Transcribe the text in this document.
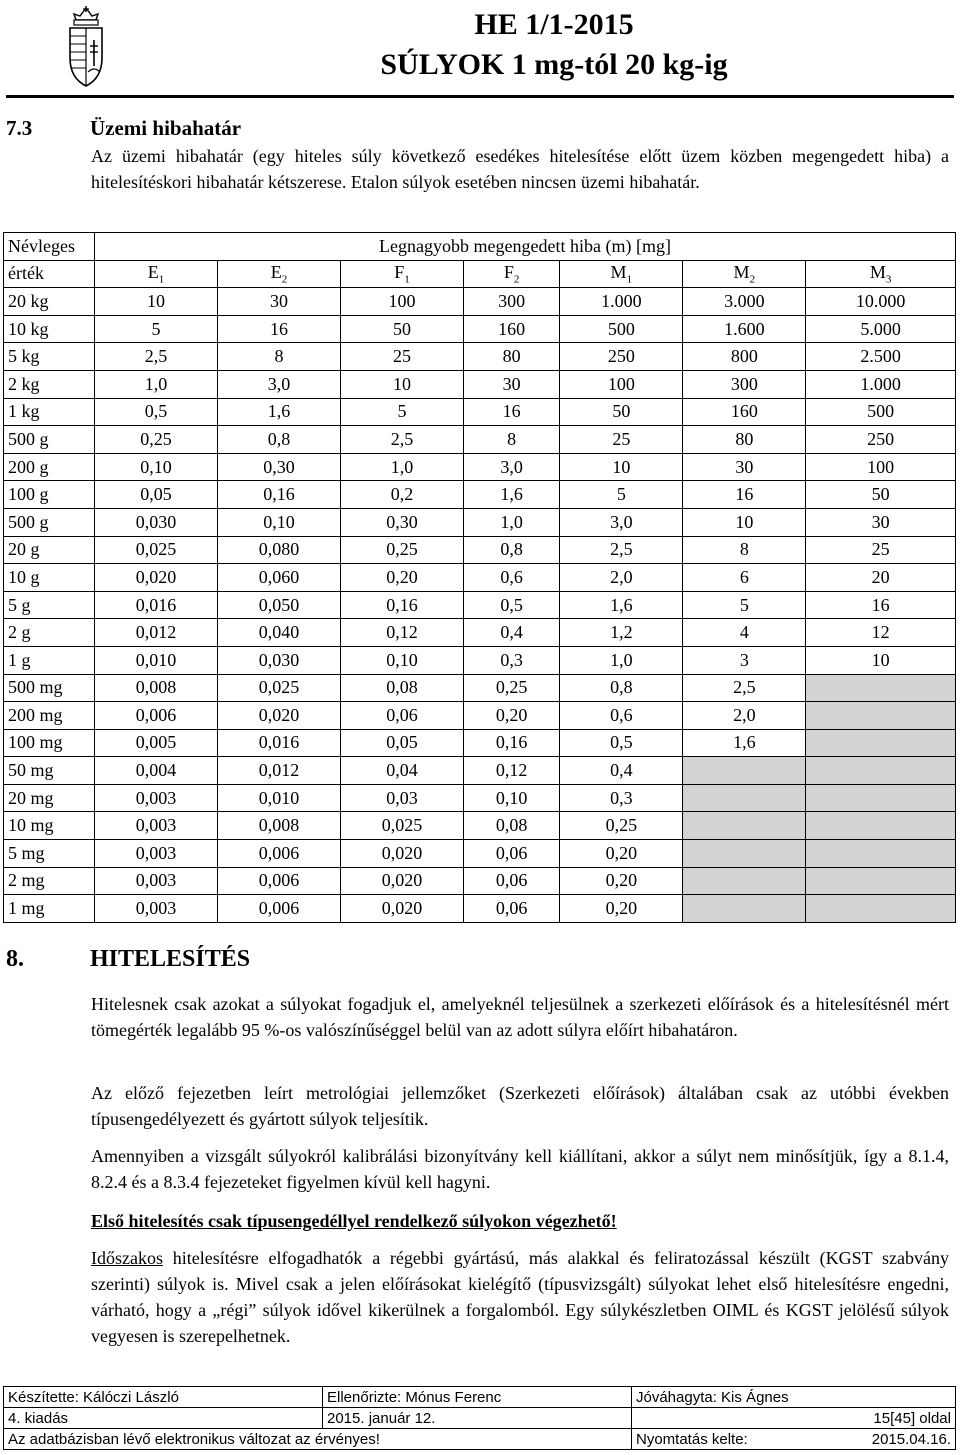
HE 1/1-2015
SÚLYOK 1 mg-tól 20 kg-ig
7.3	Üzemi hibahatár
Az üzemi hibahatár (egy hiteles súly következő esedékes hitelesítése előtt üzem közben megengedett hiba) a hitelesítéskori hibahatár kétszerese. Etalon súlyok esetében nincsen üzemi hibahatár.
Névleges	Legnagyobb megengedett hiba (m) [mg]						
érték	$E_1$	$E_2$	$F_1$	$F_2$	$M_1$	$M_2$	$M_3$
20 kg	10	30	100	300	1.000	3.000	10.000
10 kg	5	16	50	160	500	1.600	5.000
5 kg	2,5	8	25	80	250	800	2.500
2 kg	1,0	3,0	10	30	100	300	1.000
1 kg	0,5	1,6	5	16	50	160	500
500 g	0,25	0,8	2,5	8	25	80	250
200 g	0,10	0,30	1,0	3,0	10	30	100
100 g	0,05	0,16	0,2	1,6	5	16	50
500 g	0,030	0,10	0,30	1,0	3,0	10	30
20 g	0,025	0,080	0,25	0,8	2,5	8	25
10 g	0,020	0,060	0,20	0,6	2,0	6	20
5 g	0,016	0,050	0,16	0,5	1,6	5	16
2 g	0,012	0,040	0,12	0,4	1,2	4	12
1 g	0,010	0,030	0,10	0,3	1,0	3	10
500 mg	0,008	0,025	0,08	0,25	0,8	2,5	
200 mg	0,006	0,020	0,06	0,20	0,6	2,0	
100 mg	0,005	0,016	0,05	0,16	0,5	1,6	
50 mg	0,004	0,012	0,04	0,12	0,4		
20 mg	0,003	0,010	0,03	0,10	0,3		
10 mg	0,003	0,008	0,025	0,08	0,25		
5 mg	0,003	0,006	0,020	0,06	0,20		
2 mg	0,003	0,006	0,020	0,06	0,20		
1 mg	0,003	0,006	0,020	0,06	0,20		
8.	HITELESÍTÉS
Hitelesnek csak azokat a súlyokat fogadjuk el, amelyeknél teljesülnek a szerkezeti előírások és a hitelesítésnél mért tömegérték legalább 95 %-os valószínűséggel belül van az adott súlyra előírt hibahatáron.
Az előző fejezetben leírt metrológiai jellemzőket (Szerkezeti előírások) általában csak az utóbbi években típusengedélyezett és gyártott súlyok teljesítik.
Amennyiben a vizsgált súlyokról kalibrálási bizonyítvány kell kiállítani, akkor a súlyt nem minősítjük, így a 8.1.4, 8.2.4 és a 8.3.4 fejezeteket figyelmen kívül kell hagyni.
Első hitelesítés csak típusengedéllyel rendelkező súlyokon végezhető!
Időszakos hitelesítésre elfogadhatók a régebbi gyártású, más alakkal és feliratozással készült (KGST szabvány szerinti) súlyok is. Mivel csak a jelen előírásokat kielégítő (típusvizsgált) súlyokat lehet első hitelesítésre engedni, várható, hogy a „régi” súlyok idővel kikerülnek a forgalomból. Egy súlykészletben OIML és KGST jelölésű súlyok vegyesen is szerepelhetnek.
Készítette: Kálóczi László	Ellenőrizte: Mónus Ferenc	Jóváhagyta: Kis Ágnes
4. kiadás	2015. január 12.	15[45] oldal
Az adatbázisban lévő elektronikus változat az érvényes!		Nyomtatás kelte: 2015.04.16.
